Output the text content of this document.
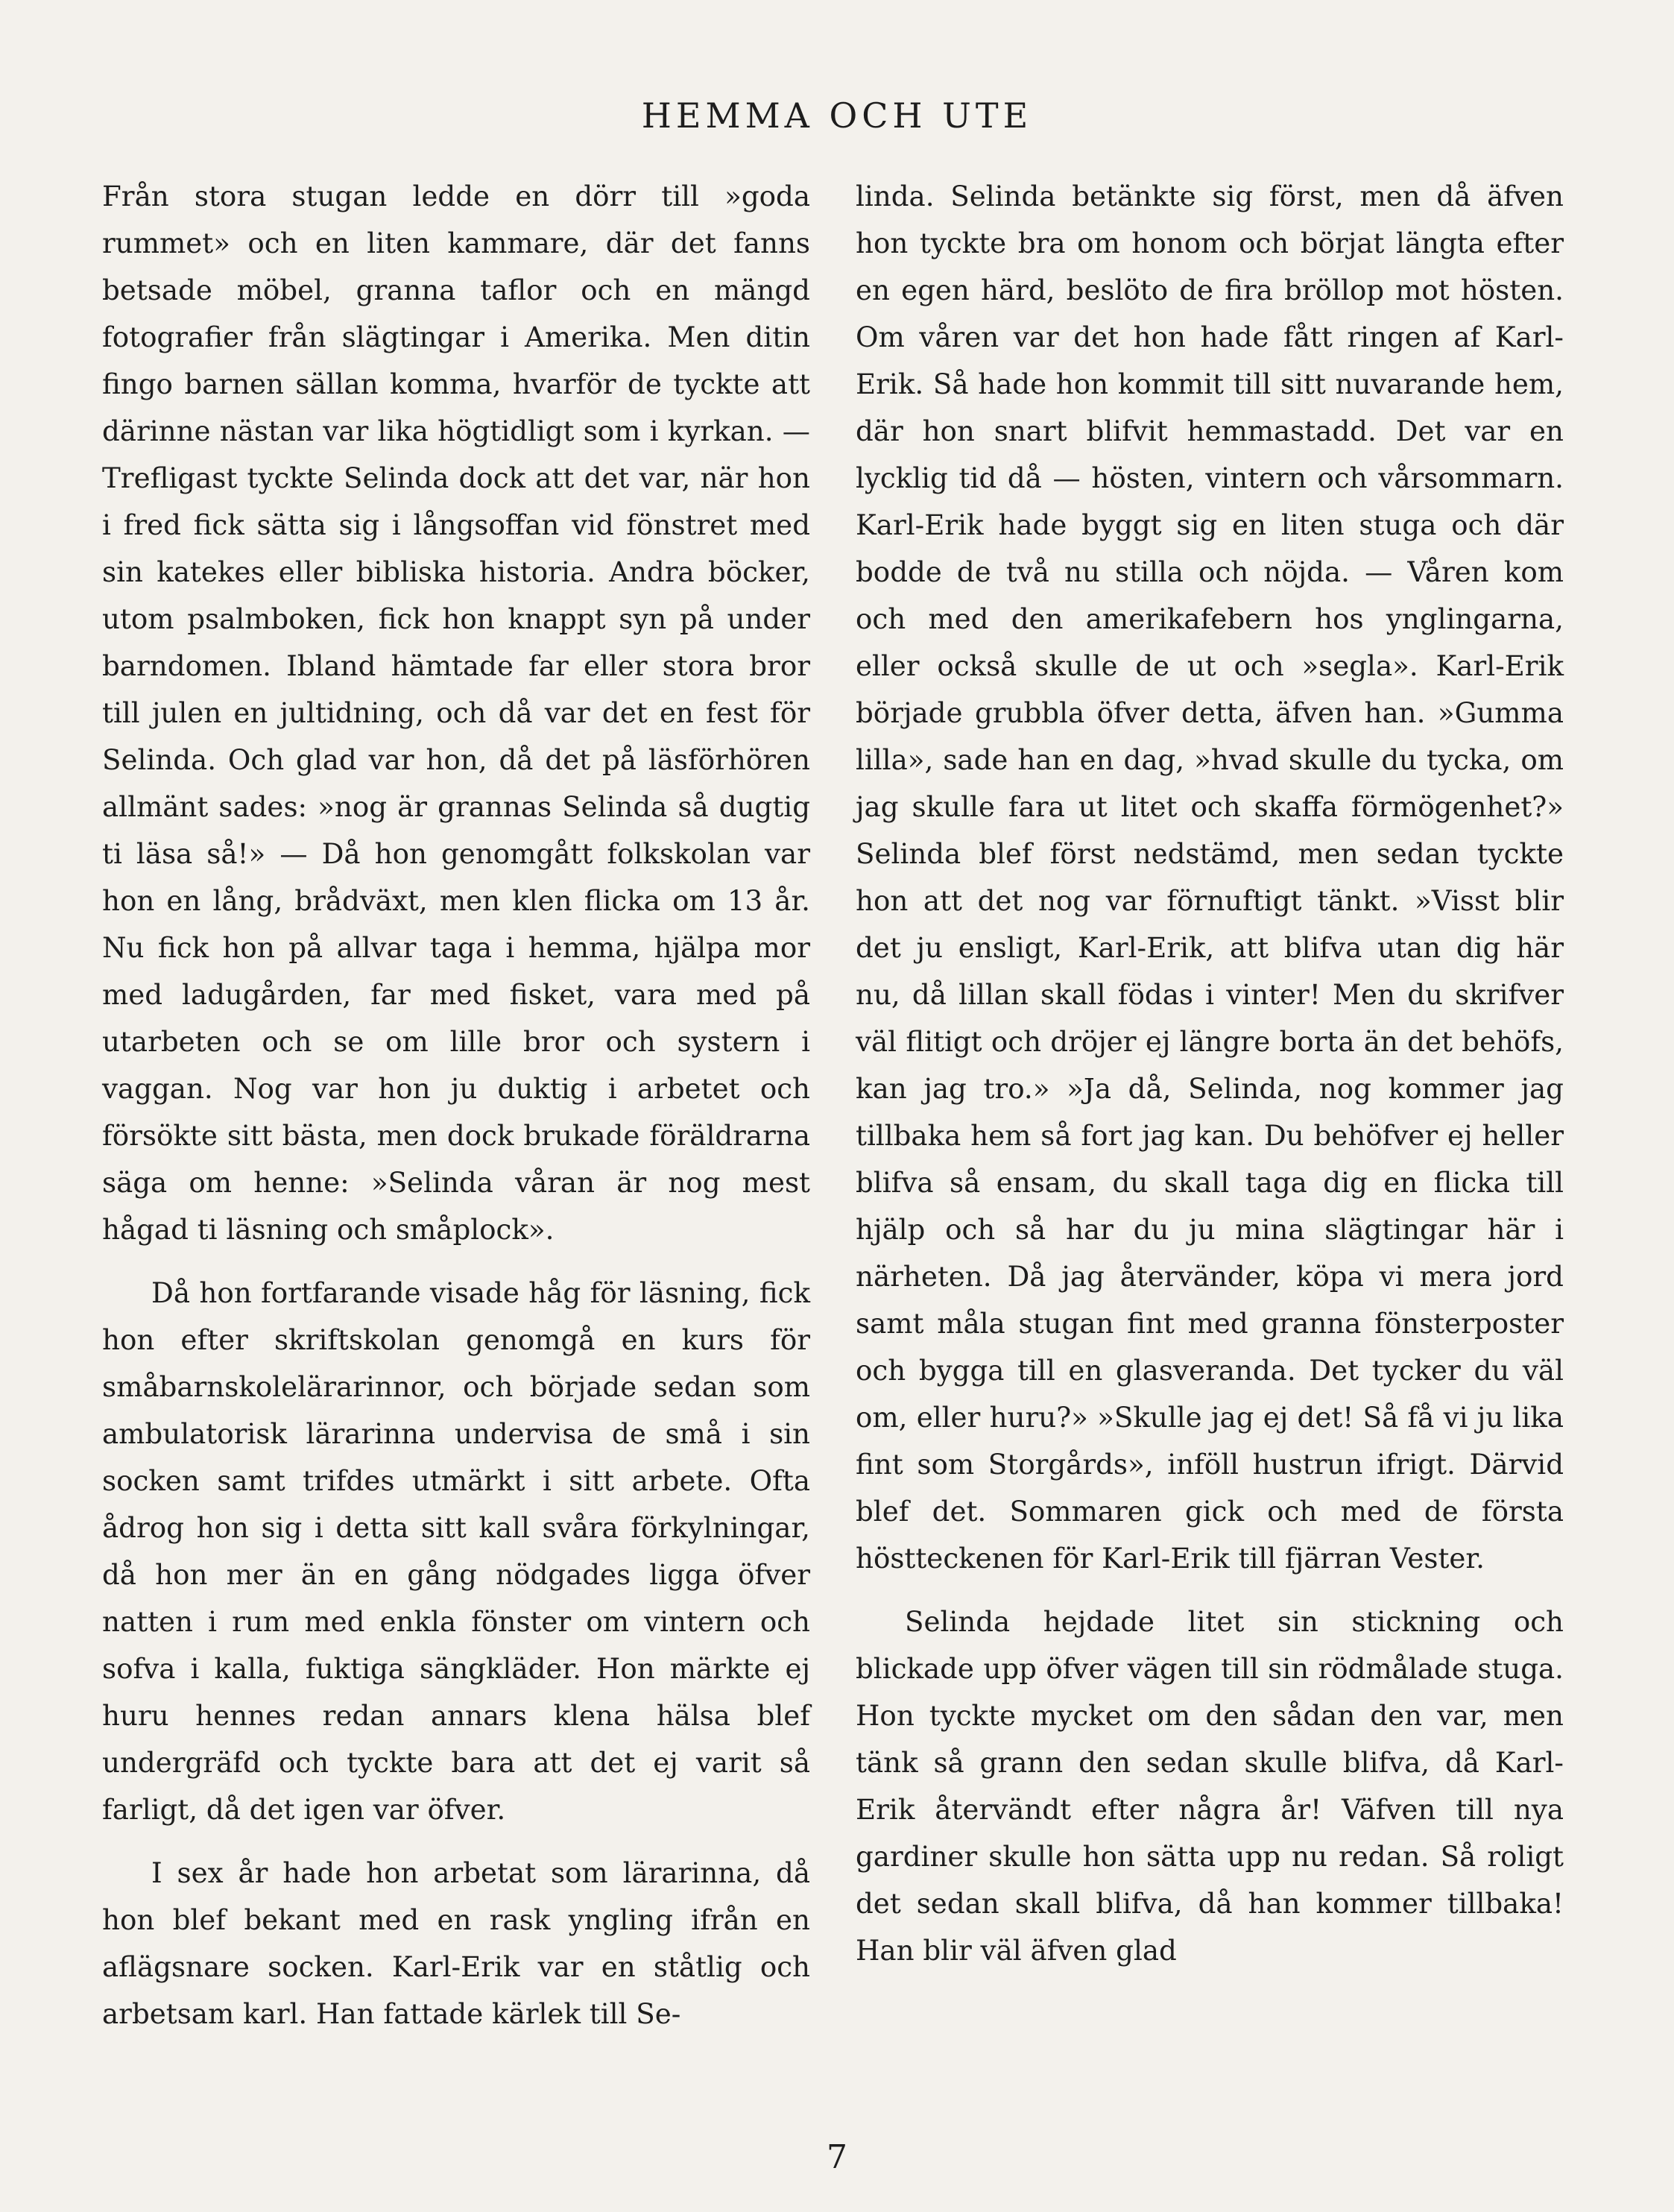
HEMMA OCH UTE

Från stora stugan ledde en dörr till »goda rummet» och en liten kammare, där det fanns betsade möbel, granna taflor och en mängd fotografier från slägtingar i Amerika. Men ditin fingo barnen sällan komma, hvarför de tyckte att därinne nästan var lika högtidligt som i kyrkan. — Trefligast tyckte Selinda dock att det var, när hon i fred fick sätta sig i långsoffan vid fönstret med sin katekes eller bibliska historia. Andra böcker, utom psalmboken, fick hon knappt syn på under barndomen. Ibland hämtade far eller stora bror till julen en jultidning, och då var det en fest för Selinda. Och glad var hon, då det på läsförhören allmänt sades: »nog är grannas Selinda så dugtig ti läsa så!» — Då hon genomgått folkskolan var hon en lång, brådväxt, men klen flicka om 13 år. Nu fick hon på allvar taga i hemma, hjälpa mor med ladugården, far med fisket, vara med på utarbeten och se om lille bror och systern i vaggan. Nog var hon ju duktig i arbetet och försökte sitt bästa, men dock brukade föräldrarna säga om henne: »Selinda våran är nog mest hågad ti läsning och småplock».

Då hon fortfarande visade håg för läsning, fick hon efter skriftskolan genomgå en kurs för småbarnskolelärarinnor, och började sedan som ambulatorisk lärarinna undervisa de små i sin socken samt trifdes utmärkt i sitt arbete. Ofta ådrog hon sig i detta sitt kall svåra förkylningar, då hon mer än en gång nödgades ligga öfver natten i rum med enkla fönster om vintern och sofva i kalla, fuktiga sängkläder. Hon märkte ej huru hennes redan annars klena hälsa blef undergräfd och tyckte bara att det ej varit så farligt, då det igen var öfver.

I sex år hade hon arbetat som lärarinna, då hon blef bekant med en rask yngling ifrån en aflägsnare socken. Karl-Erik var en ståtlig och arbetsam karl. Han fattade kärlek till Se-

linda. Selinda betänkte sig först, men då äfven hon tyckte bra om honom och börjat längta efter en egen härd, beslöto de fira bröllop mot hösten. Om våren var det hon hade fått ringen af Karl-Erik. Så hade hon kommit till sitt nuvarande hem, där hon snart blifvit hemmastadd. Det var en lycklig tid då — hösten, vintern och vårsommarn. Karl-Erik hade byggt sig en liten stuga och där bodde de två nu stilla och nöjda. — Våren kom och med den amerikafebern hos ynglingarna, eller också skulle de ut och »segla». Karl-Erik började grubbla öfver detta, äfven han. »Gumma lilla», sade han en dag, »hvad skulle du tycka, om jag skulle fara ut litet och skaffa förmögenhet?» Selinda blef först nedstämd, men sedan tyckte hon att det nog var förnuftigt tänkt. »Visst blir det ju ensligt, Karl-Erik, att blifva utan dig här nu, då lillan skall födas i vinter! Men du skrifver väl flitigt och dröjer ej längre borta än det behöfs, kan jag tro.» »Ja då, Selinda, nog kommer jag tillbaka hem så fort jag kan. Du behöfver ej heller blifva så ensam, du skall taga dig en flicka till hjälp och så har du ju mina slägtingar här i närheten. Då jag återvänder, köpa vi mera jord samt måla stugan fint med granna fönsterposter och bygga till en glasveranda. Det tycker du väl om, eller huru?» »Skulle jag ej det! Så få vi ju lika fint som Storgårds», inföll hustrun ifrigt. Därvid blef det. Sommaren gick och med de första höstteckenen för Karl-Erik till fjärran Vester.

Selinda hejdade litet sin stickning och blickade upp öfver vägen till sin rödmålade stuga. Hon tyckte mycket om den sådan den var, men tänk så grann den sedan skulle blifva, då Karl-Erik återvändt efter några år! Väfven till nya gardiner skulle hon sätta upp nu redan. Så roligt det sedan skall blifva, då han kommer tillbaka! Han blir väl äfven glad

7
